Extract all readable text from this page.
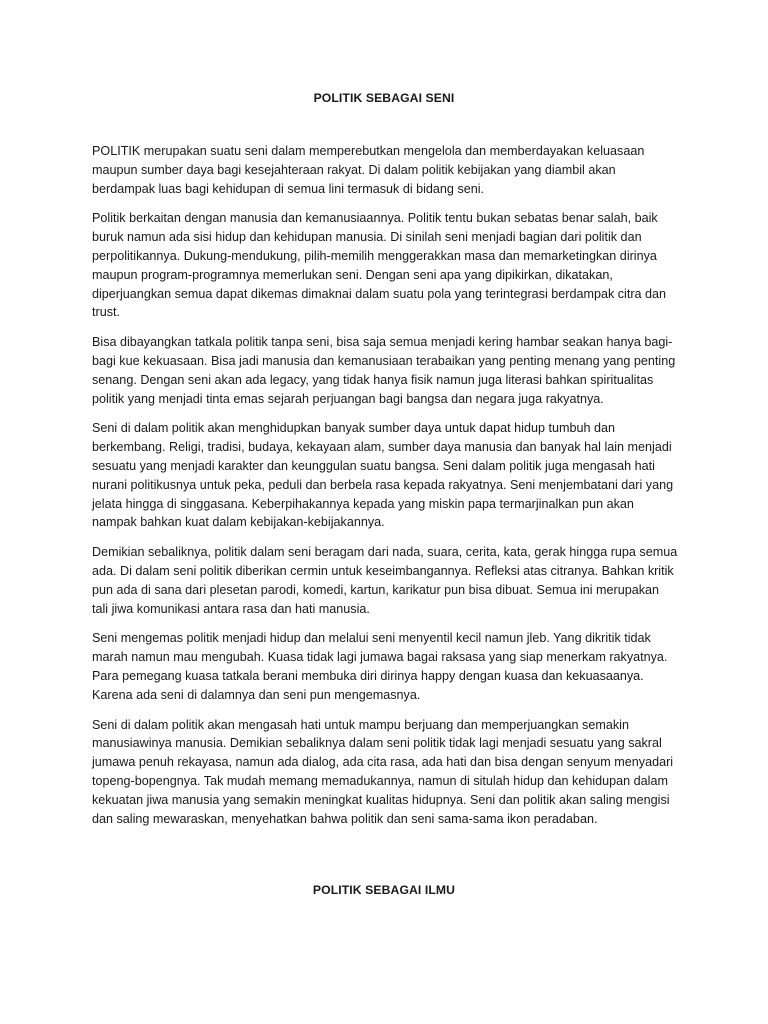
POLITIK SEBAGAI SENI

POLITIK merupakan suatu seni dalam memperebutkan mengelola dan memberdayakan keluasaan maupun sumber daya bagi kesejahteraan rakyat. Di dalam politik kebijakan yang diambil akan berdampak luas bagi kehidupan di semua lini termasuk di bidang seni.

Politik berkaitan dengan manusia dan kemanusiaannya. Politik tentu bukan sebatas benar salah, baik buruk namun ada sisi hidup dan kehidupan manusia. Di sinilah seni menjadi bagian dari politik dan perpolitikannya. Dukung-mendukung, pilih-memilih menggerakkan masa dan memarketingkan dirinya maupun program-programnya memerlukan seni. Dengan seni apa yang dipikirkan, dikatakan, diperjuangkan semua dapat dikemas dimaknai dalam suatu pola yang terintegrasi berdampak citra dan trust.

Bisa dibayangkan tatkala politik tanpa seni, bisa saja semua menjadi kering hambar seakan hanya bagi-bagi kue kekuasaan. Bisa jadi manusia dan kemanusiaan terabaikan yang penting menang yang penting senang. Dengan seni akan ada legacy, yang tidak hanya fisik namun juga literasi bahkan spiritualitas politik yang menjadi tinta emas sejarah perjuangan bagi bangsa dan negara juga rakyatnya.

Seni di dalam politik akan menghidupkan banyak sumber daya untuk dapat hidup tumbuh dan berkembang. Religi, tradisi, budaya, kekayaan alam, sumber daya manusia dan banyak hal lain menjadi sesuatu yang menjadi karakter dan keunggulan suatu bangsa. Seni dalam politik juga mengasah hati nurani politikusnya untuk peka, peduli dan berbela rasa kepada rakyatnya. Seni menjembatani dari yang jelata hingga di singgasana. Keberpihakannya kepada yang miskin papa termarjinalkan pun akan nampak bahkan kuat dalam kebijakan-kebijakannya.

Demikian sebaliknya, politik dalam seni beragam dari nada, suara, cerita, kata, gerak hingga rupa semua ada. Di dalam seni politik diberikan cermin untuk keseimbangannya. Refleksi atas citranya. Bahkan kritik pun ada di sana dari plesetan parodi, komedi, kartun, karikatur pun bisa dibuat. Semua ini merupakan tali jiwa komunikasi antara rasa dan hati manusia.

Seni mengemas politik menjadi hidup dan melalui seni menyentil kecil namun jleb. Yang dikritik tidak marah namun mau mengubah. Kuasa tidak lagi jumawa bagai raksasa yang siap menerkam rakyatnya. Para pemegang kuasa tatkala berani membuka diri dirinya happy dengan kuasa dan kekuasaanya. Karena ada seni di dalamnya dan seni pun mengemasnya.

Seni di dalam politik akan mengasah hati untuk mampu berjuang dan memperjuangkan semakin manusiawinya manusia. Demikian sebaliknya dalam seni politik tidak lagi menjadi sesuatu yang sakral jumawa penuh rekayasa, namun ada dialog, ada cita rasa, ada hati dan bisa dengan senyum menyadari topeng-bopengnya. Tak mudah memang memadukannya, namun di situlah hidup dan kehidupan dalam kekuatan jiwa manusia yang semakin meningkat kualitas hidupnya. Seni dan politik akan saling mengisi dan saling mewaraskan, menyehatkan bahwa politik dan seni sama-sama ikon peradaban.

POLITIK SEBAGAI ILMU
